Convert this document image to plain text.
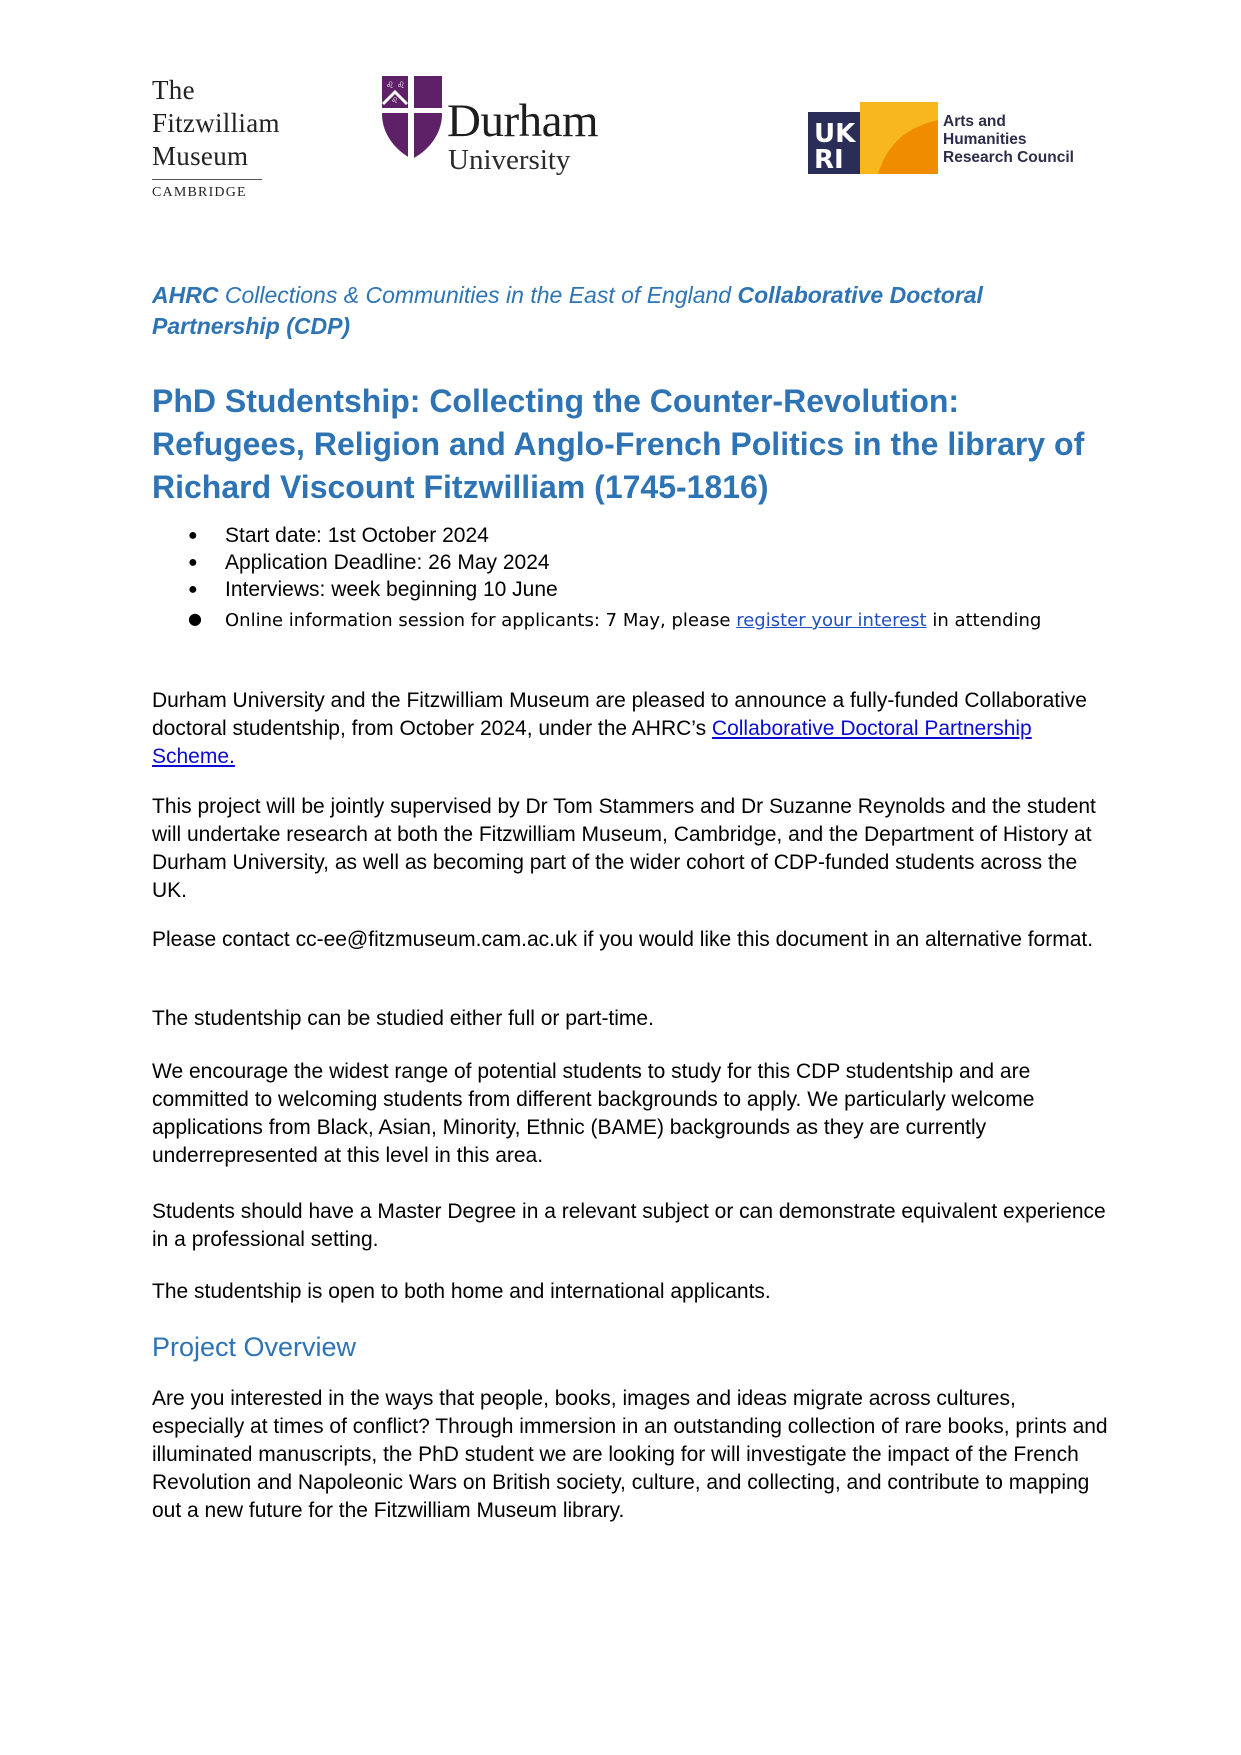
The
Fitzwilliam
Museum
CAMBRIDGE
♌ ♌
♌ Durham
University
UK
RI
Arts and
Humanities
Research Council
AHRC Collections & Communities in the East of England Collaborative Doctoral Partnership (CDP)
PhD Studentship: Collecting the Counter-Revolution: Refugees, Religion and Anglo-French Politics in the library of Richard Viscount Fitzwilliam (1745-1816)
● Start date: 1st October 2024
● Application Deadline: 26 May 2024
● Interviews: week beginning 10 June
● Online information session for applicants: 7 May, please register your interest in attending
Durham University and the Fitzwilliam Museum are pleased to announce a fully-funded Collaborative doctoral studentship, from October 2024, under the AHRC’s Collaborative Doctoral Partnership Scheme.
This project will be jointly supervised by Dr Tom Stammers and Dr Suzanne Reynolds and the student will undertake research at both the Fitzwilliam Museum, Cambridge, and the Department of History at Durham University, as well as becoming part of the wider cohort of CDP-funded students across the UK.
Please contact cc-ee@fitzmuseum.cam.ac.uk if you would like this document in an alternative format.
The studentship can be studied either full or part-time.
We encourage the widest range of potential students to study for this CDP studentship and are committed to welcoming students from different backgrounds to apply. We particularly welcome applications from Black, Asian, Minority, Ethnic (BAME) backgrounds as they are currently underrepresented at this level in this area.
Students should have a Master Degree in a relevant subject or can demonstrate equivalent experience in a professional setting.
The studentship is open to both home and international applicants.
Project Overview
Are you interested in the ways that people, books, images and ideas migrate across cultures, especially at times of conflict? Through immersion in an outstanding collection of rare books, prints and illuminated manuscripts, the PhD student we are looking for will investigate the impact of the French Revolution and Napoleonic Wars on British society, culture, and collecting, and contribute to mapping out a new future for the Fitzwilliam Museum library.
